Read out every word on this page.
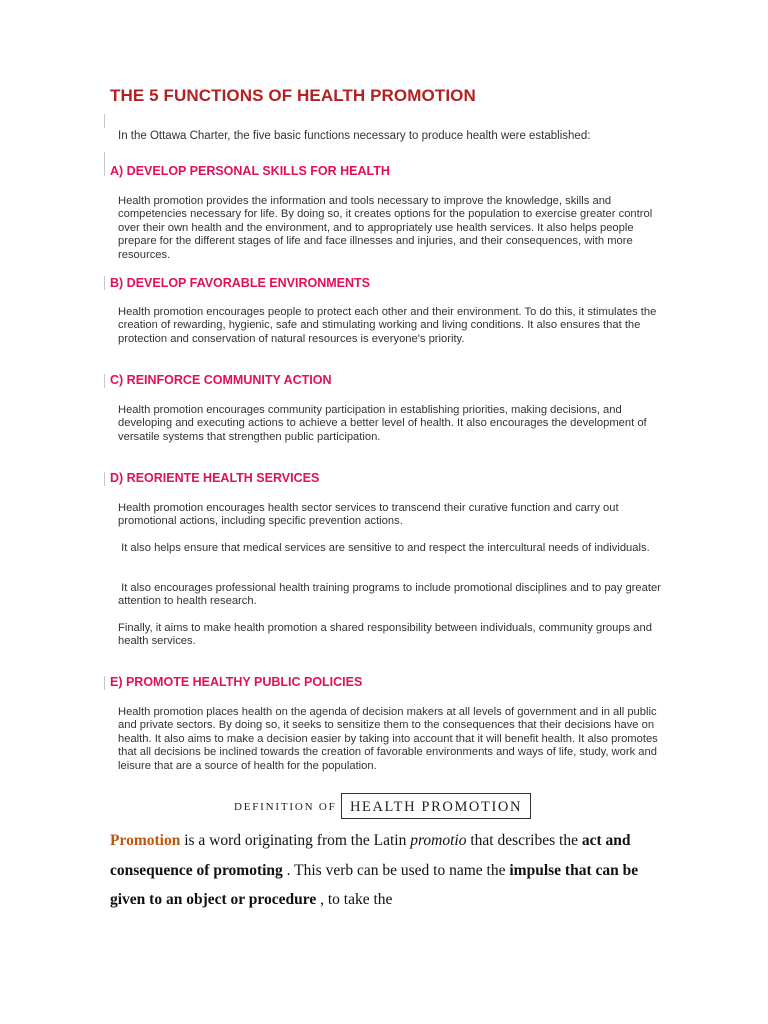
THE 5 FUNCTIONS OF HEALTH PROMOTION

In the Ottawa Charter, the five basic functions necessary to produce health were established:

A) DEVELOP PERSONAL SKILLS FOR HEALTH

Health promotion provides the information and tools necessary to improve the knowledge, skills and competencies necessary for life. By doing so, it creates options for the population to exercise greater control over their own health and the environment, and to appropriately use health services. It also helps people prepare for the different stages of life and face illnesses and injuries, and their consequences, with more resources.

B) DEVELOP FAVORABLE ENVIRONMENTS

Health promotion encourages people to protect each other and their environment. To do this, it stimulates the creation of rewarding, hygienic, safe and stimulating working and living conditions. It also ensures that the protection and conservation of natural resources is everyone's priority.

C) REINFORCE COMMUNITY ACTION

Health promotion encourages community participation in establishing priorities, making decisions, and developing and executing actions to achieve a better level of health. It also encourages the development of versatile systems that strengthen public participation.

D) REORIENTE HEALTH SERVICES

Health promotion encourages health sector services to transcend their curative function and carry out promotional actions, including specific prevention actions.

It also helps ensure that medical services are sensitive to and respect the intercultural needs of individuals.

It also encourages professional health training programs to include promotional disciplines and to pay greater attention to health research.

Finally, it aims to make health promotion a shared responsibility between individuals, community groups and health services.

E) PROMOTE HEALTHY PUBLIC POLICIES

Health promotion places health on the agenda of decision makers at all levels of government and in all public and private sectors. By doing so, it seeks to sensitize them to the consequences that their decisions have on health. It also aims to make a decision easier by taking into account that it will benefit health. It also promotes that all decisions be inclined towards the creation of favorable environments and ways of life, study, work and leisure that are a source of health for the population.

DEFINITION OF HEALTH PROMOTION

Promotion is a word originating from the Latin promotio that describes the act and consequence of promoting . This verb can be used to name the impulse that can be given to an object or procedure , to take the
